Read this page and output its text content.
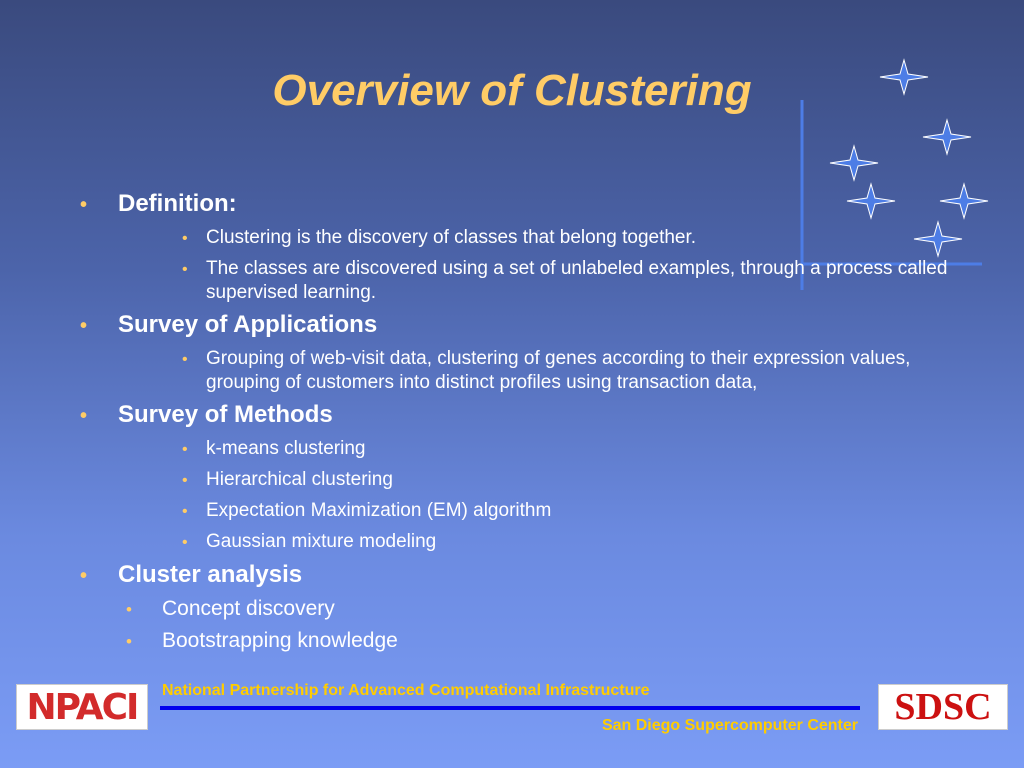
Overview of Clustering
•	Definition:
• Clustering is the discovery of classes that belong together.
• The classes are discovered using a set of unlabeled examples, through a process called supervised learning.
•	Survey of Applications
• Grouping of web-visit data, clustering of genes according to their expression values, grouping of customers into distinct profiles using transaction data,
•	Survey of Methods
• k-means clustering
• Hierarchical clustering
• Expectation Maximization (EM) algorithm
• Gaussian mixture modeling
•	Cluster analysis
•	Concept discovery
•	Bootstrapping knowledge
NPACI	National Partnership for Advanced Computational Infrastructure
San Diego Supercomputer Center SDSC
